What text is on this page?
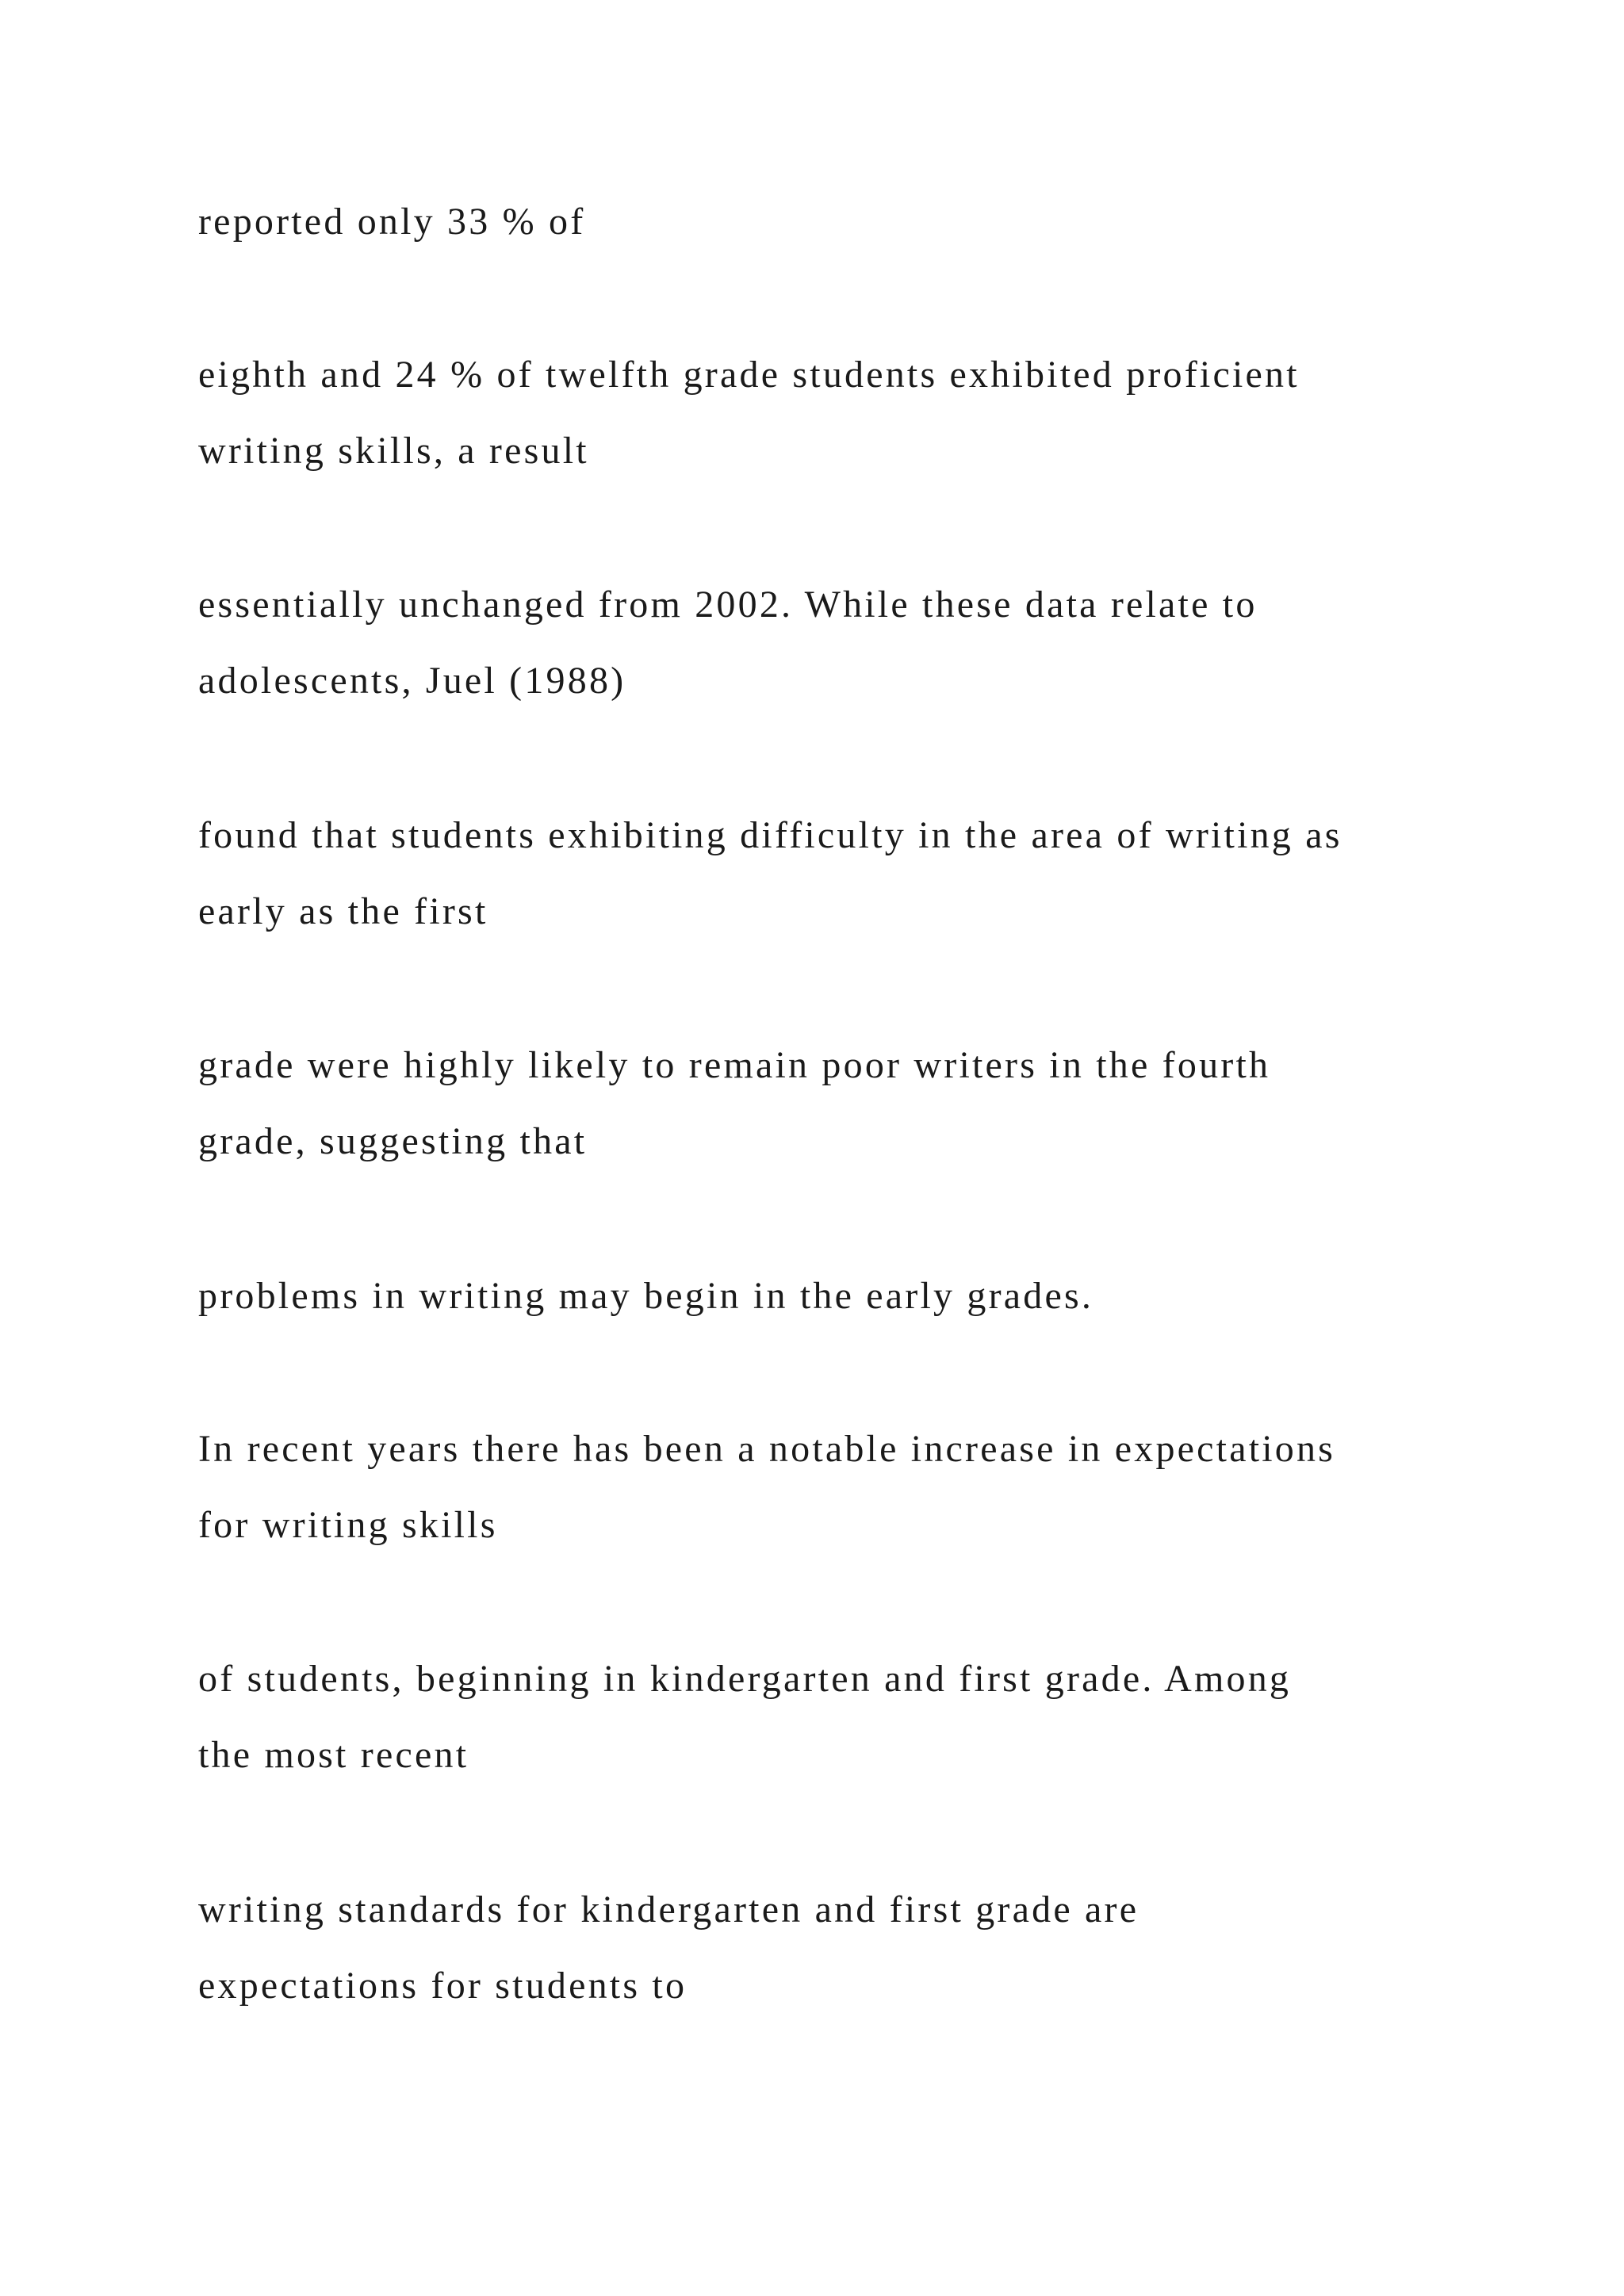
reported only 33 % of
eighth and 24 % of twelfth grade students exhibited proficient
writing skills, a result
essentially unchanged from 2002. While these data relate to
adolescents, Juel (1988)
found that students exhibiting difficulty in the area of writing as
early as the first
grade were highly likely to remain poor writers in the fourth
grade, suggesting that
problems in writing may begin in the early grades.
In recent years there has been a notable increase in expectations
for writing skills
of students, beginning in kindergarten and first grade. Among
the most recent
writing standards for kindergarten and first grade are
expectations for students to
